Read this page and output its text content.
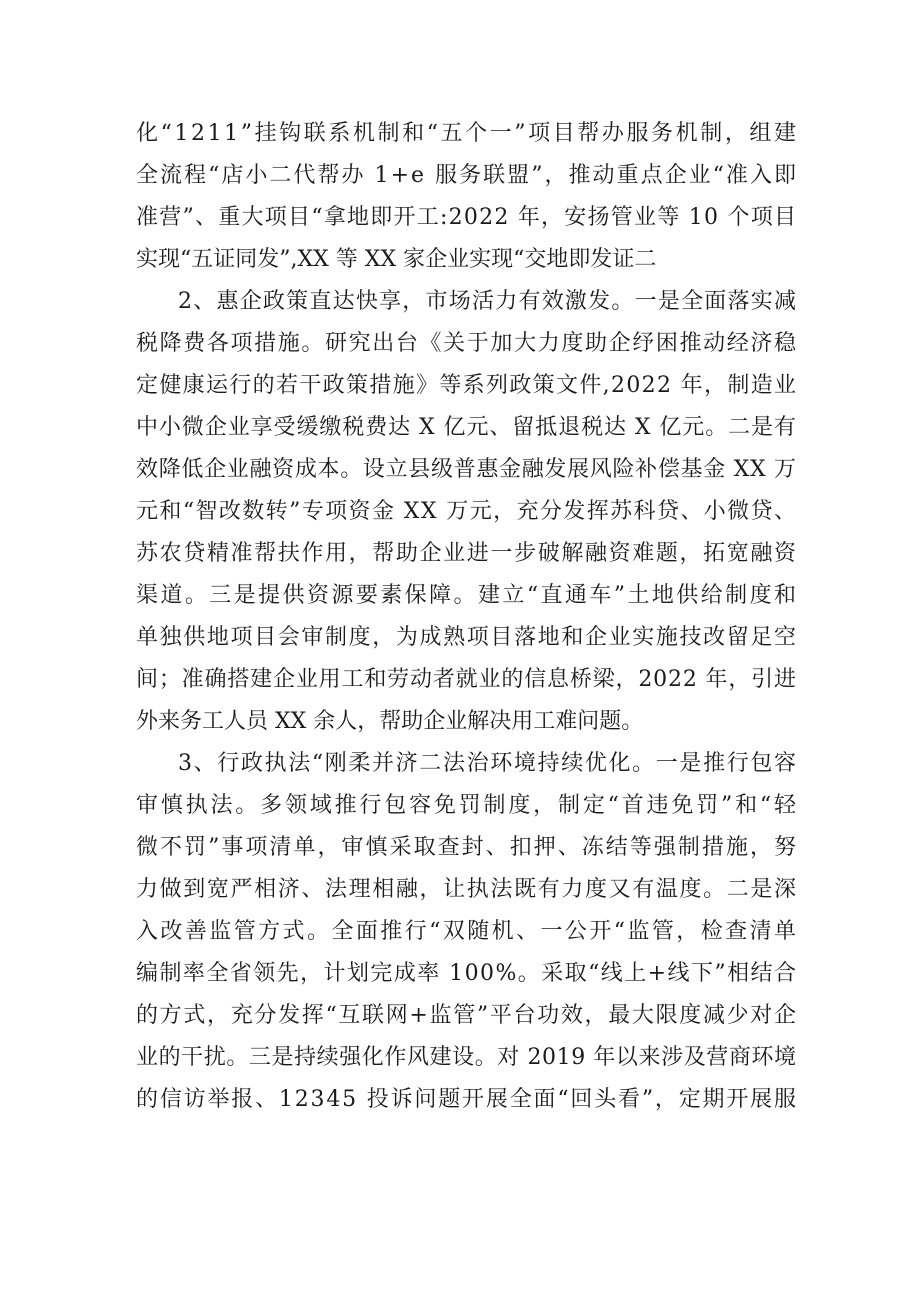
化“1211”挂钩联系机制和“五个一”项目帮办服务机制，组建
全流程“店小二代帮办 1+e 服务联盟”，推动重点企业“准入即
准营”、重大项目“拿地即开工:2022 年，安扬管业等 10 个项目
实现“五证同发”,XX 等 XX 家企业实现“交地即发证二
2、惠企政策直达快享，市场活力有效激发。一是全面落实减
税降费各项措施。研究出台《关于加大力度助企纾困推动经济稳
定健康运行的若干政策措施》等系列政策文件,2022 年，制造业
中小微企业享受缓缴税费达 X 亿元、留抵退税达 X 亿元。二是有
效降低企业融资成本。设立县级普惠金融发展风险补偿基金 XX 万
元和“智改数转”专项资金 XX 万元，充分发挥苏科贷、小微贷、
苏农贷精准帮扶作用，帮助企业进一步破解融资难题，拓宽融资
渠道。三是提供资源要素保障。建立“直通车”土地供给制度和
单独供地项目会审制度，为成熟项目落地和企业实施技改留足空
间；准确搭建企业用工和劳动者就业的信息桥梁，2022 年，引进
外来务工人员 XX 余人，帮助企业解决用工难问题。
3、行政执法“刚柔并济二法治环境持续优化。一是推行包容
审慎执法。多领域推行包容免罚制度，制定“首违免罚”和“轻
微不罚”事项清单，审慎采取查封、扣押、冻结等强制措施，努
力做到宽严相济、法理相融，让执法既有力度又有温度。二是深
入改善监管方式。全面推行“双随机、一公开“监管，检查清单
编制率全省领先，计划完成率 100%。采取“线上+线下”相结合
的方式，充分发挥“互联网+监管”平台功效，最大限度减少对企
业的干扰。三是持续强化作风建设。对 2019 年以来涉及营商环境
的信访举报、12345 投诉问题开展全面“回头看”，定期开展服
